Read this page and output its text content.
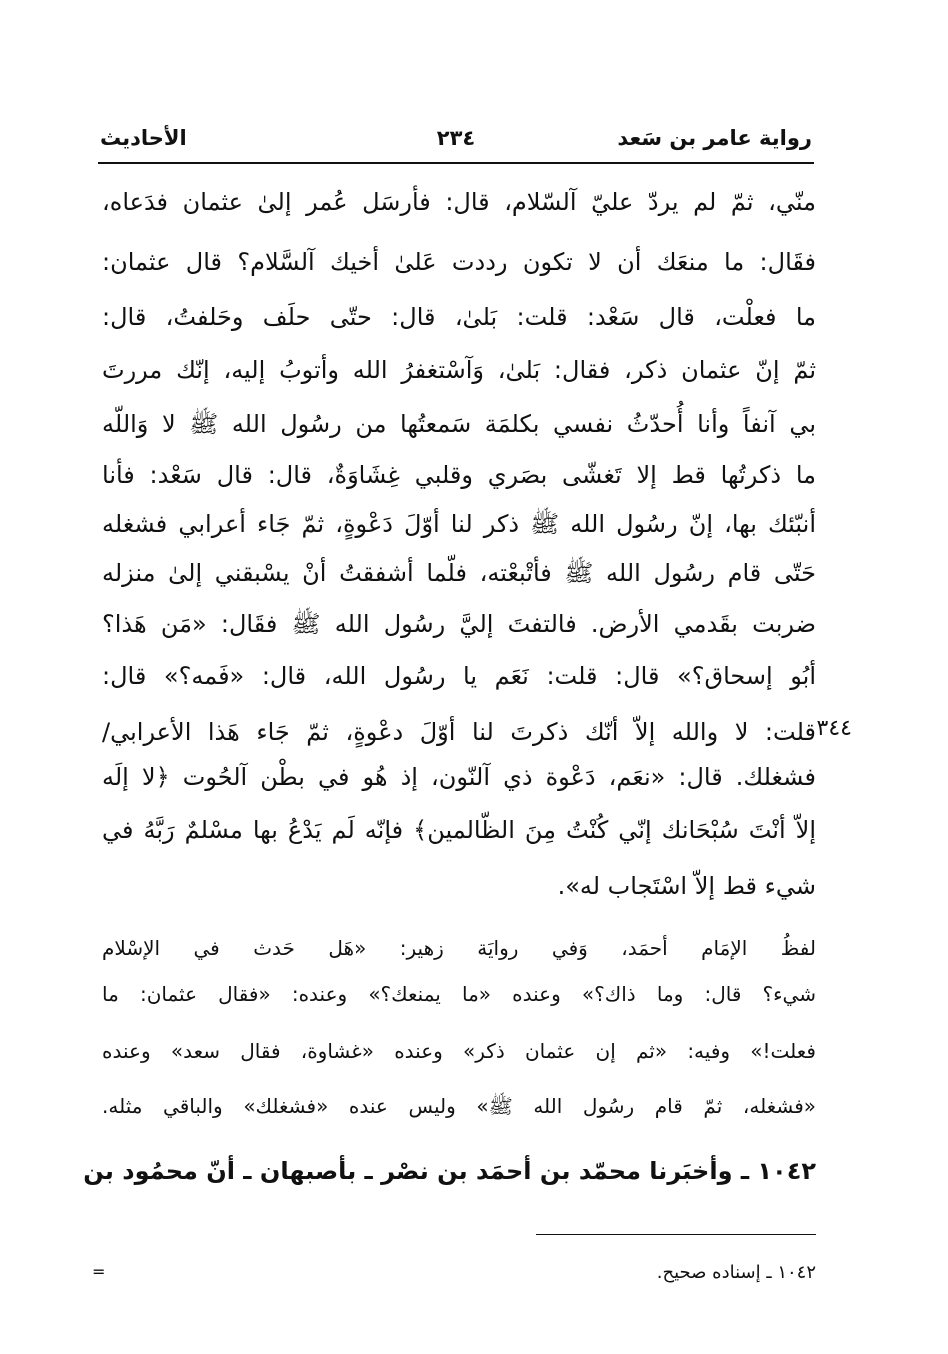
رواية عامر بن سَعد
٢٣٤
الأحاديث
منّي، ثمّ لم يردّ عليّ آلسّلام، قال: فأرسَل عُمر إلىٰ عثمان فدَعاه،
فقَال: ما منعَك أن لا تكون رددت عَلىٰ أخيك آلسَّلام؟ قال عثمان:
ما فعلْت، قال سَعْد: قلت: بَلىٰ، قال: حتّى حلَف وحَلفتُ، قال:
ثمّ إنّ عثمان ذكر، فقال: بَلىٰ، وَآسْتغفرُ الله وأتوبُ إليه، إنّك مررتَ
بي آنفاً وأنا أُحدّثُ نفسي بكلمَة سَمعتُها من رسُول الله ﷺ لا وَاللّه
ما ذكرتُها قط إلا تَغشّى بصَري وقلبي غِشَاوَةٌ، قال: قال سَعْد: فأنا
أنبّئك بها، إنّ رسُول الله ﷺ ذكر لنا أوّلَ دَعْوةٍ، ثمّ جَاء أعرابي فشغله
حَتّى قام رسُول الله ﷺ فأتْبعْته، فلّما أشفقتُ أنْ يسْبقني إلىٰ منزله
ضربت بقَدمي الأرض. فالتفتَ إليَّ رسُول الله ﷺ فقَال: «مَن هَذا؟
أبُو إسحاق؟» قال: قلت: نَعَم يا رسُول الله، قال: «فَمه؟» قال:
قلت: لا والله إلاّ أنّك ذكرتَ لنا أوّلَ دعْوةٍ، ثمّ جَاء هَذا الأعرابي/
فشغلك. قال: «نعَم، دَعْوة ذي آلنّون، إذ هُو في بطْن آلحُوت ﴿لا إلَه
إلاّ أنْتَ سُبْحَانك إنّي كُنْتُ مِنَ الظّالمين﴾ فإنّه لَم يَدْعُ بها مسْلمٌ رَبَّهُ في
شيء قط إلاّ اسْتَجاب له».
٣٤٤
لفظُ الإمَام أحمَد، وَفي روايَة زهير: «هَل حَدث في الإسْلام
شيء؟ قال: وما ذاك؟» وعنده «ما يمنعك؟» وعنده: «فقال عثمان: ما
فعلت!» وفيه: «ثم إن عثمان ذكر» وعنده «غشاوة، فقال سعد» وعنده
«فشغله، ثمّ قام رسُول الله ﷺ» وليس عنده «فشغلك» والباقي مثله.
١٠٤٢ ـ وأخبَرنا محمّد بن أحمَد بن نصْر ـ بأصبهان ـ أنّ محمُود بن
١٠٤٢ ـ إسناده صحيح.
=
